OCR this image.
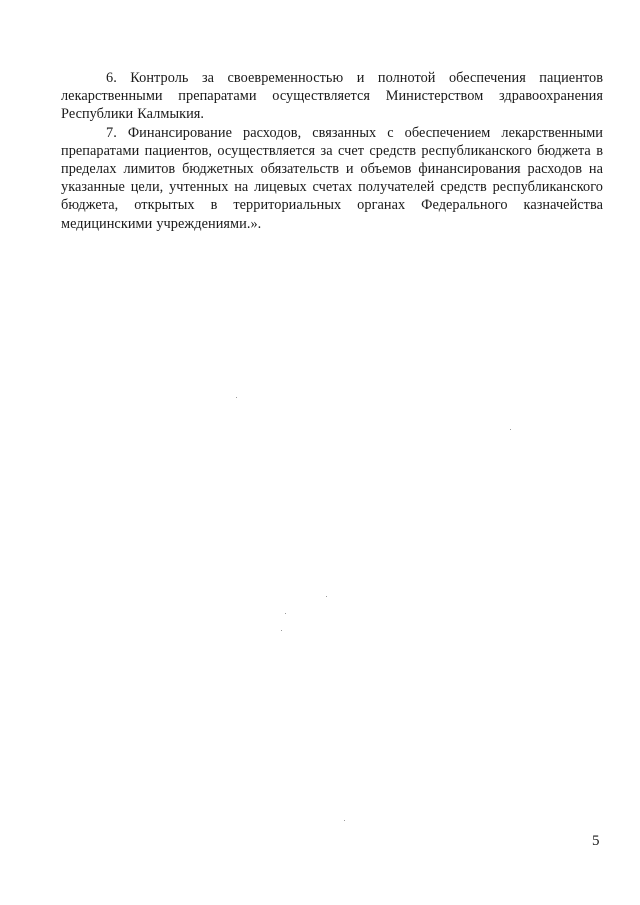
6. Контроль за своевременностью и полнотой обеспечения пациентов лекарственными препаратами осуществляется Министерством здравоохранения Республики Калмыкия.

7. Финансирование расходов, связанных с обеспечением лекарственными препаратами пациентов, осуществляется за счет средств республиканского бюджета в пределах лимитов бюджетных обязательств и объемов финансирования расходов на указанные цели, учтенных на лицевых счетах получателей средств республиканского бюджета, открытых в территориальных органах Федерального казначейства медицинскими учреждениями.».

5
